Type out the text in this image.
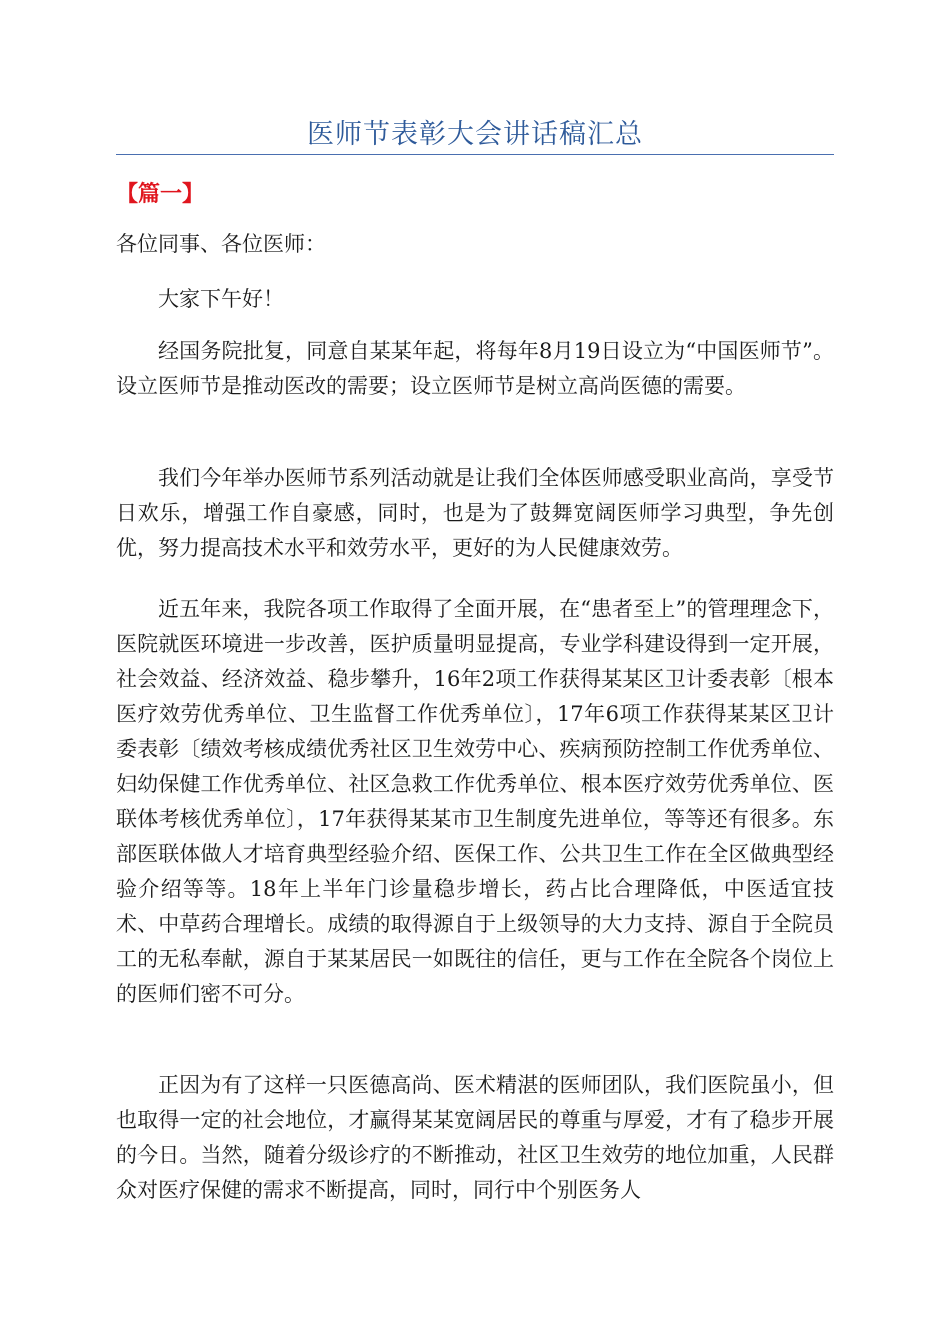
医师节表彰大会讲话稿汇总
【篇一】

各位同事、各位医师：

大家下午好！

经国务院批复，同意自某某年起，将每年8月19日设立为“中国医师节”。设立医师节是推动医改的需要；设立医师节是树立高尚医德的需要。

我们今年举办医师节系列活动就是让我们全体医师感受职业高尚，享受节日欢乐，增强工作自豪感，同时，也是为了鼓舞宽阔医师学习典型，争先创优，努力提高技术水平和效劳水平，更好的为人民健康效劳。

近五年来，我院各项工作取得了全面开展，在“患者至上”的管理理念下，医院就医环境进一步改善，医护质量明显提高，专业学科建设得到一定开展，社会效益、经济效益、稳步攀升，16年2项工作获得某某区卫计委表彰〔根本医疗效劳优秀单位、卫生监督工作优秀单位〕，17年6项工作获得某某区卫计委表彰〔绩效考核成绩优秀社区卫生效劳中心、疾病预防控制工作优秀单位、妇幼保健工作优秀单位、社区急救工作优秀单位、根本医疗效劳优秀单位、医联体考核优秀单位〕，17年获得某某市卫生制度先进单位，等等还有很多。东部医联体做人才培育典型经验介绍、医保工作、公共卫生工作在全区做典型经验介绍等等。18年上半年门诊量稳步增长，药占比合理降低，中医适宜技术、中草药合理增长。成绩的取得源自于上级领导的大力支持、源自于全院员工的无私奉献，源自于某某居民一如既往的信任，更与工作在全院各个岗位上的医师们密不可分。

正因为有了这样一只医德高尚、医术精湛的医师团队，我们医院虽小，但也取得一定的社会地位，才赢得某某宽阔居民的尊重与厚爱，才有了稳步开展的今日。当然，随着分级诊疗的不断推动，社区卫生效劳的地位加重，人民群众对医疗保健的需求不断提高，同时，同行中个别医务人
